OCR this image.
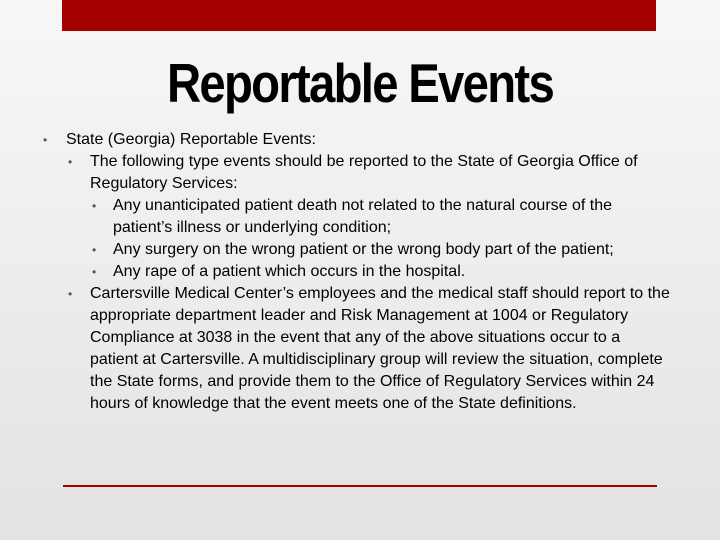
Reportable Events
• State (Georgia) Reportable Events:
• The following type events should be reported to the State of Georgia Office of Regulatory Services:
• Any unanticipated patient death not related to the natural course of the patient’s illness or underlying condition;
• Any surgery on the wrong patient or the wrong body part of the patient;
• Any rape of a patient which occurs in the hospital.
• Cartersville Medical Center’s employees and the medical staff should report to the appropriate department leader and Risk Management at 1004 or Regulatory Compliance at 3038 in the event that any of the above situations occur to a patient at Cartersville. A multidisciplinary group will review the situation, complete the State forms, and provide them to the Office of Regulatory Services within 24 hours of knowledge that the event meets one of the State definitions.
